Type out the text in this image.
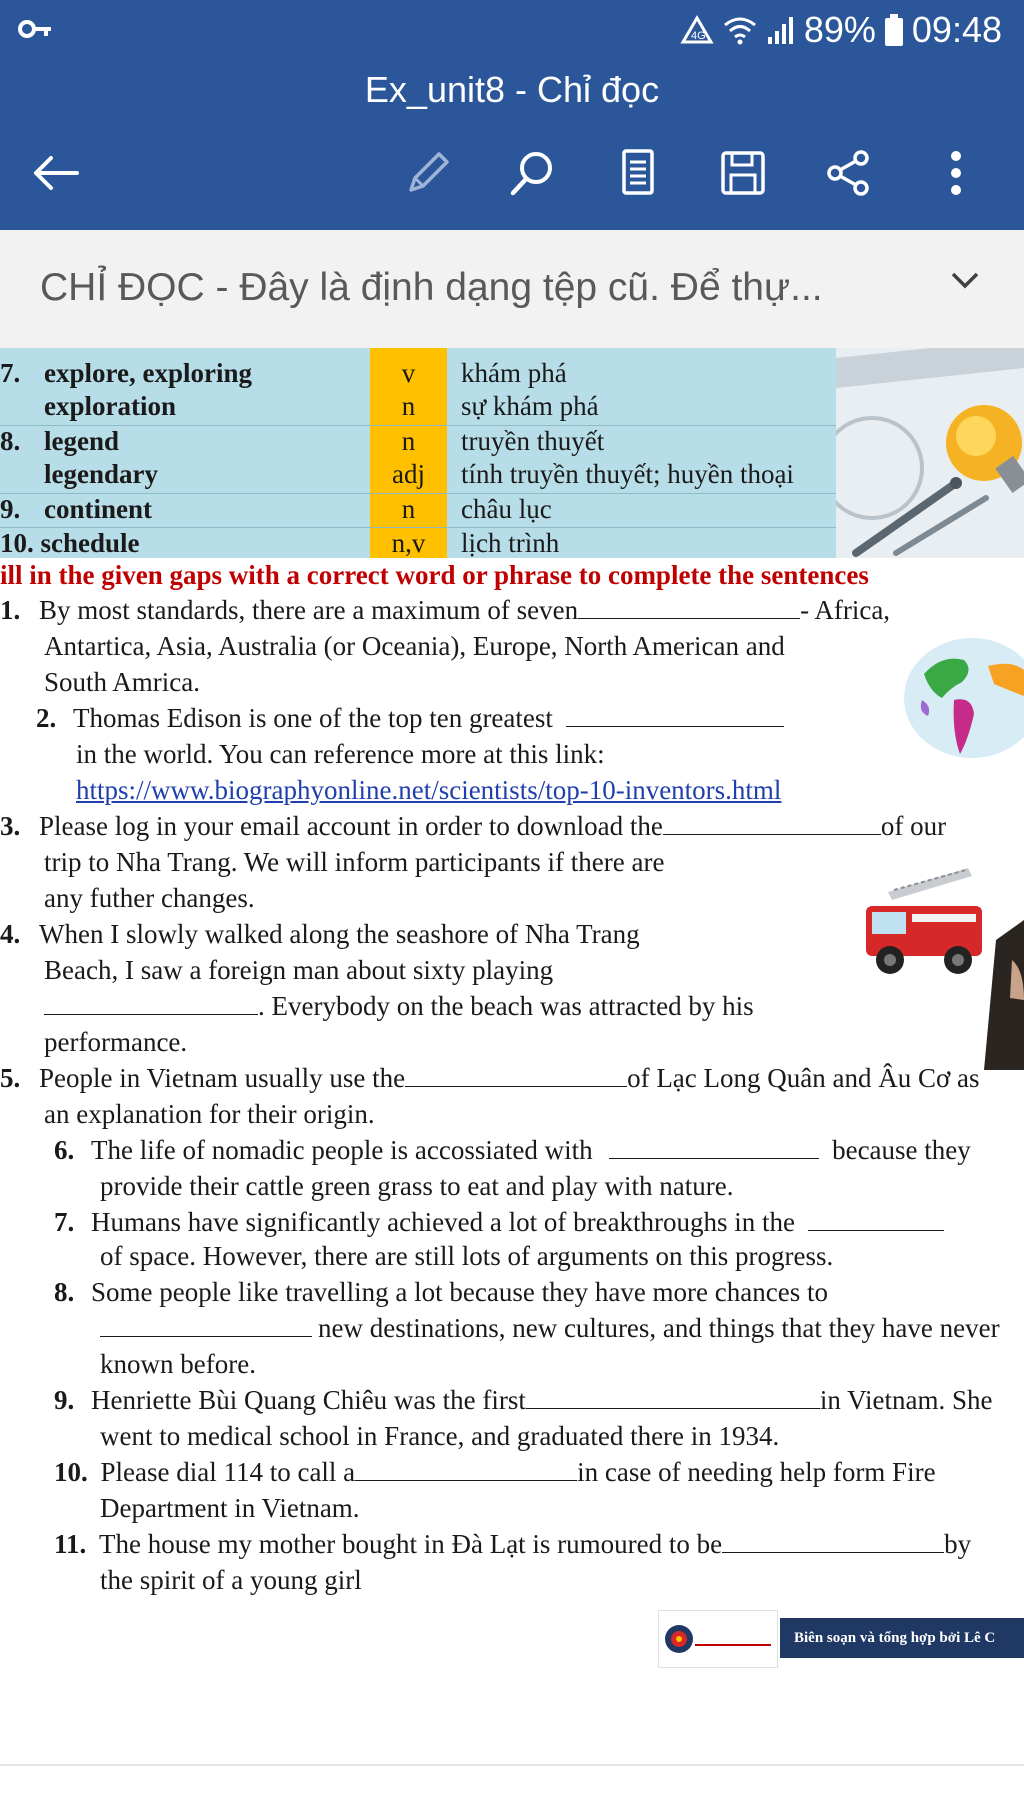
4G	89% 09:48
Ex_unit8 - Chỉ đọc
CHỈ ĐỌC - Đây là định dạng tệp cũ. Để thự...
7. explore, exploring	v	khám phá
exploration	n	sự khám phá
8. legend	n	truyền thuyết
legendary	adj	tính truyền thuyết; huyền thoại
9. continent	n	châu lục
10. schedule	n,v	lịch trình
ill in the given gaps with a correct word or phrase to complete the sentences
1. By most standards, there are a maximum of seven	- Africa,
Antartica, Asia, Australia (or Oceania), Europe, North American and
South Amrica.
2. Thomas Edison is one of the top ten greatest
in the world. You can reference more at this link:
https://www.biographyonline.net/scientists/top-10-inventors.html
3. Please log in your email account in order to download the	of our
trip to Nha Trang. We will inform participants if there are
any futher changes.
4. When I slowly walked along the seashore of Nha Trang
Beach, I saw a foreign man about sixty playing
. Everybody on the beach was attracted by his
performance.
5. People in Vietnam usually use the	of Lạc Long Quân and Âu Cơ as
an explanation for their origin.
6. The life of nomadic people is accossiated with	because they
provide their cattle green grass to eat and play with nature.
7. Humans have significantly achieved a lot of breakthroughs in the
of space. However, there are still lots of arguments on this progress.
8. Some people like travelling a lot because they have more chances to
new destinations, new cultures, and things that they have never
known before.
9. Henriette Bùi Quang Chiêu was the first	in Vietnam. She
went to medical school in France, and graduated there in 1934.
10. Please dial 114 to call a	in case of needing help form Fire
Department in Vietnam.
11. The house my mother bought in Đà Lạt is rumoured to be	by
the spirit of a young girl
Biên soạn và tổng hợp bởi Lê C
